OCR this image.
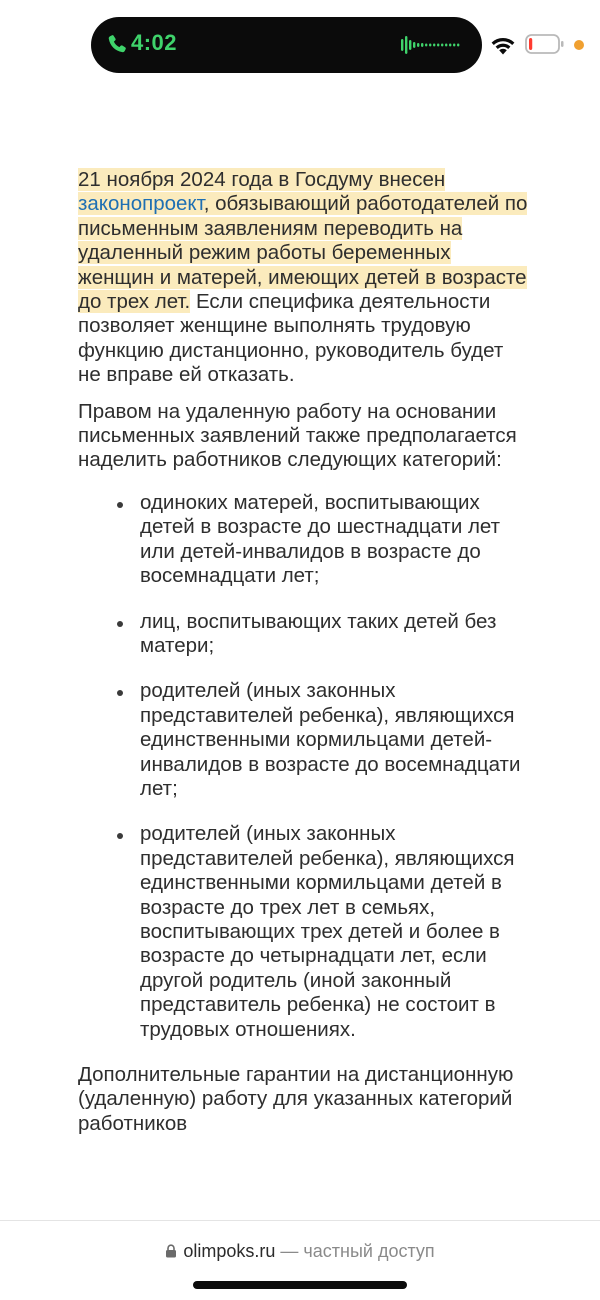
4:02

21 ноября 2024 года в Госдуму внесен законопроект, обязывающий работодателей по письменным заявлениям переводить на удаленный режим работы беременных женщин и матерей, имеющих детей в возрасте до трех лет. Если специфика деятельности позволяет женщине выполнять трудовую функцию дистанционно, руководитель будет не вправе ей отказать.

Правом на удаленную работу на основании письменных заявлений также предполагается наделить работников следующих категорий:

одиноких матерей, воспитывающих детей в возрасте до шестнадцати лет или детей-инвалидов в возрасте до восемнадцати лет;
лиц, воспитывающих таких детей без матери;
родителей (иных законных представителей ребенка), являющихся единственными кормильцами детей-инвалидов в возрасте до восемнадцати лет;
родителей (иных законных представителей ребенка), являющихся единственными кормильцами детей в возрасте до трех лет в семьях, воспитывающих трех детей и более в возрасте до четырнадцати лет, если другой родитель (иной законный представитель ребенка) не состоит в трудовых отношениях.

Дополнительные гарантии на дистанционную (удаленную) работу для указанных категорий работников

olimpoks.ru — частный доступ
